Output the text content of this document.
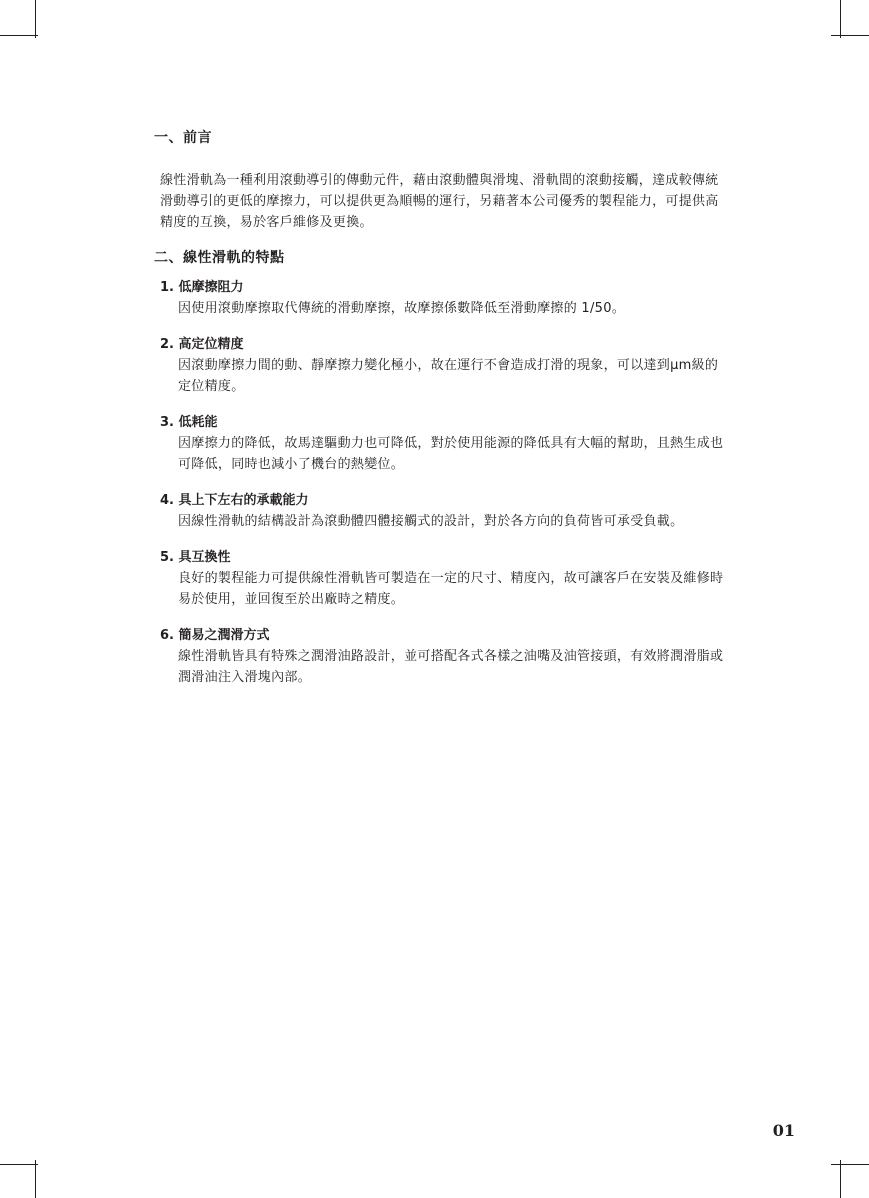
一、前言

線性滑軌為一種利用滾動導引的傳動元件，藉由滾動體與滑塊、滑軌間的滾動接觸，達成較傳統滑動導引的更低的摩擦力，可以提供更為順暢的運行，另藉著本公司優秀的製程能力，可提供高精度的互換，易於客戶維修及更換。

二、線性滑軌的特點
1. 低摩擦阻力
因使用滾動摩擦取代傳統的滑動摩擦，故摩擦係數降低至滑動摩擦的 1/50。
2. 高定位精度
因滾動摩擦力間的動、靜摩擦力變化極小，故在運行不會造成打滑的現象，可以達到μm級的定位精度。
3. 低耗能
因摩擦力的降低，故馬達驅動力也可降低，對於使用能源的降低具有大幅的幫助，且熱生成也可降低，同時也減小了機台的熱變位。
4. 具上下左右的承載能力
因線性滑軌的結構設計為滾動體四體接觸式的設計，對於各方向的負荷皆可承受負載。
5. 具互換性
良好的製程能力可提供線性滑軌皆可製造在一定的尺寸、精度內，故可讓客戶在安裝及維修時易於使用，並回復至於出廠時之精度。
6. 簡易之潤滑方式
線性滑軌皆具有特殊之潤滑油路設計，並可搭配各式各樣之油嘴及油管接頭，有效將潤滑脂或潤滑油注入滑塊內部。
01
